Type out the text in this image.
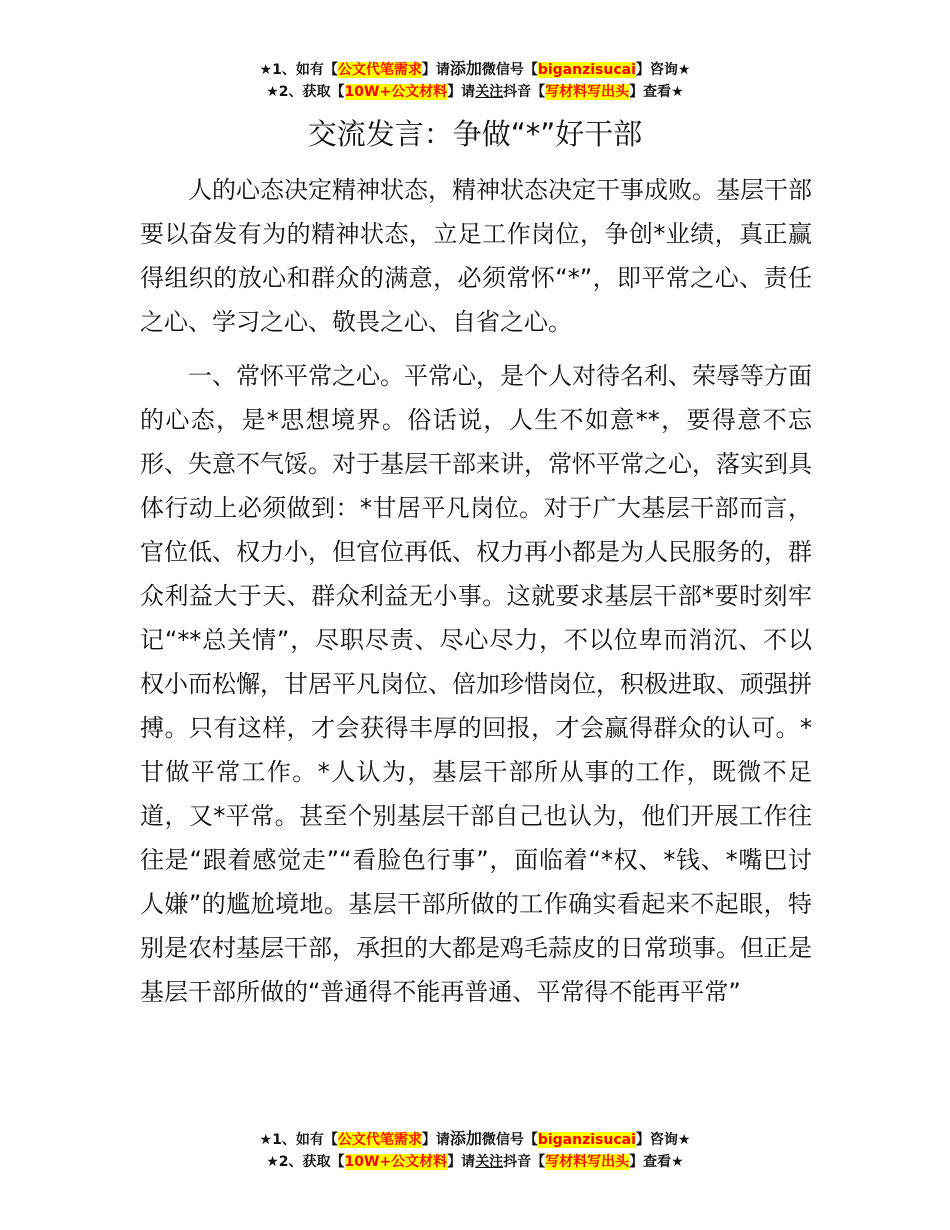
★1、如有【公文代笔需求】请添加微信号【biganzisucai】咨询★
★2、获取【10W+公文材料】请关注抖音【写材料写出头】查看★
交流发言：争做“*”好干部

人的心态决定精神状态，精神状态决定干事成败。基层干部要以奋发有为的精神状态，立足工作岗位，争创*业绩，真正赢得组织的放心和群众的满意，必须常怀“*”，即平常之心、责任之心、学习之心、敬畏之心、自省之心。

一、常怀平常之心。平常心，是个人对待名利、荣辱等方面的心态，是*思想境界。俗话说，人生不如意**，要得意不忘形、失意不气馁。对于基层干部来讲，常怀平常之心，落实到具体行动上必须做到：*甘居平凡岗位。对于广大基层干部而言，官位低、权力小，但官位再低、权力再小都是为人民服务的，群众利益大于天、群众利益无小事。这就要求基层干部*要时刻牢记“**总关情”，尽职尽责、尽心尽力，不以位卑而消沉、不以权小而松懈，甘居平凡岗位、倍加珍惜岗位，积极进取、顽强拼搏。只有这样，才会获得丰厚的回报，才会赢得群众的认可。*甘做平常工作。*人认为，基层干部所从事的工作，既微不足道，又*平常。甚至个别基层干部自己也认为，他们开展工作往往是“跟着感觉走”“看脸色行事”，面临着“*权、*钱、*嘴巴讨人嫌”的尴尬境地。基层干部所做的工作确实看起来不起眼，特别是农村基层干部，承担的大都是鸡毛蒜皮的日常琐事。但正是基层干部所做的“普通得不能再普通、平常得不能再平常”

★1、如有【公文代笔需求】请添加微信号【biganzisucai】咨询★
★2、获取【10W+公文材料】请关注抖音【写材料写出头】查看★
